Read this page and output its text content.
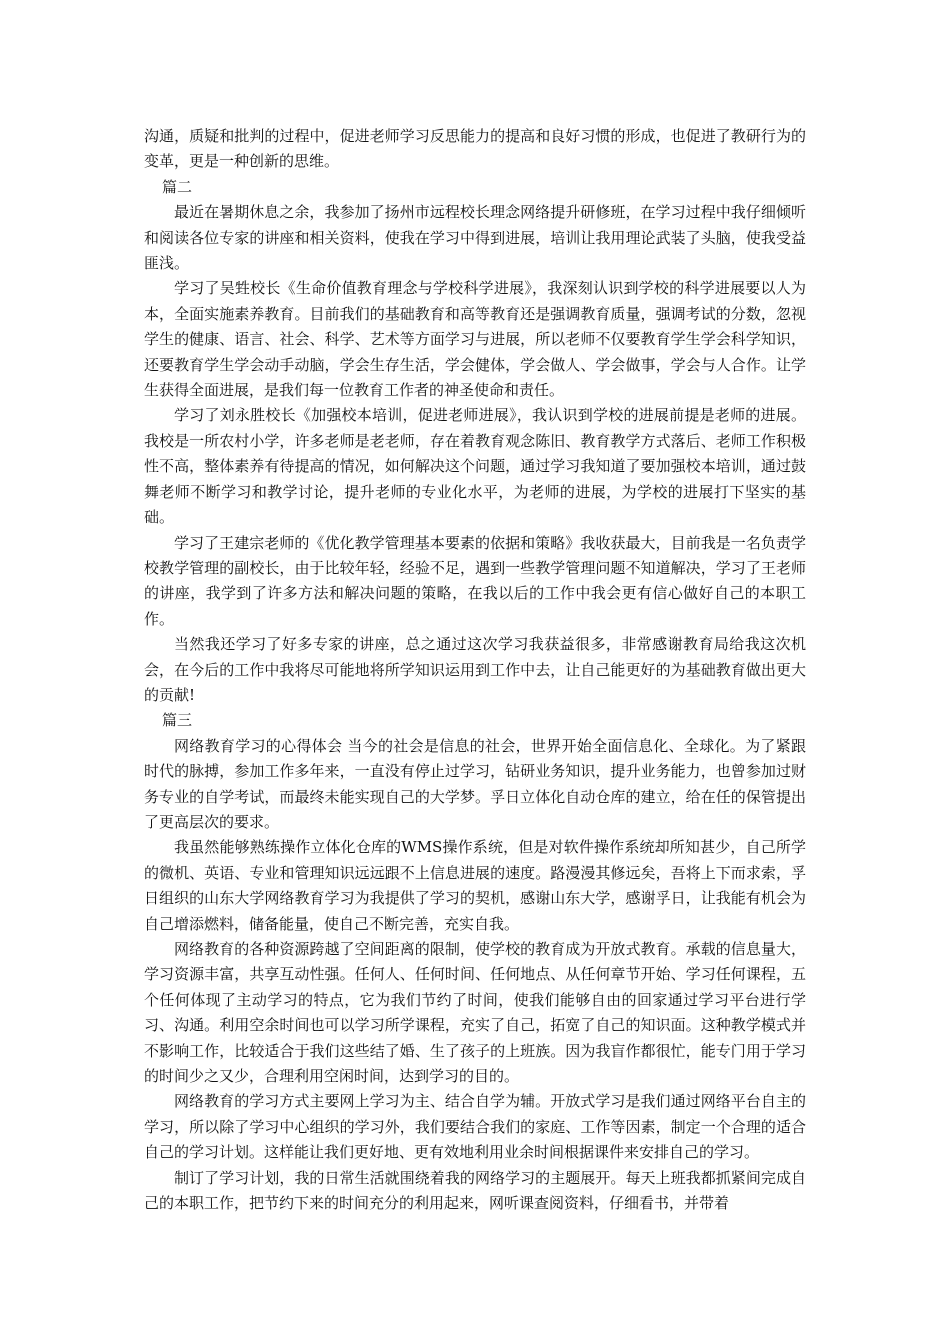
沟通，质疑和批判的过程中，促进老师学习反思能力的提高和良好习惯的形成，也促进了教研行为的变革，更是一种创新的思维。

篇二

最近在暑期休息之余，我参加了扬州市远程校长理念网络提升研修班，在学习过程中我仔细倾听和阅读各位专家的讲座和相关资料，使我在学习中得到进展，培训让我用理论武装了头脑，使我受益匪浅。

学习了吴甡校长《生命价值教育理念与学校科学进展》，我深刻认识到学校的科学进展要以人为本，全面实施素养教育。目前我们的基础教育和高等教育还是强调教育质量，强调考试的分数，忽视学生的健康、语言、社会、科学、艺术等方面学习与进展，所以老师不仅要教育学生学会科学知识，还要教育学生学会动手动脑，学会生存生活，学会健体，学会做人、学会做事，学会与人合作。让学生获得全面进展，是我们每一位教育工作者的神圣使命和责任。

学习了刘永胜校长《加强校本培训，促进老师进展》，我认识到学校的进展前提是老师的进展。我校是一所农村小学，许多老师是老老师，存在着教育观念陈旧、教育教学方式落后、老师工作积极性不高，整体素养有待提高的情况，如何解决这个问题，通过学习我知道了要加强校本培训，通过鼓舞老师不断学习和教学讨论，提升老师的专业化水平，为老师的进展，为学校的进展打下坚实的基础。

学习了王建宗老师的《优化教学管理基本要素的依据和策略》我收获最大，目前我是一名负责学校教学管理的副校长，由于比较年轻，经验不足，遇到一些教学管理问题不知道解决，学习了王老师的讲座，我学到了许多方法和解决问题的策略，在我以后的工作中我会更有信心做好自己的本职工作。

当然我还学习了好多专家的讲座，总之通过这次学习我获益很多，非常感谢教育局给我这次机会，在今后的工作中我将尽可能地将所学知识运用到工作中去，让自己能更好的为基础教育做出更大的贡献!

篇三

网络教育学习的心得体会 当今的社会是信息的社会，世界开始全面信息化、全球化。为了紧跟时代的脉搏，参加工作多年来，一直没有停止过学习，钻研业务知识，提升业务能力，也曾参加过财务专业的自学考试，而最终未能实现自己的大学梦。孚日立体化自动仓库的建立，给在任的保管提出了更高层次的要求。

我虽然能够熟练操作立体化仓库的WMS操作系统，但是对软件操作系统却所知甚少，自己所学的微机、英语、专业和管理知识远远跟不上信息进展的速度。路漫漫其修远矣，吾将上下而求索，孚日组织的山东大学网络教育学习为我提供了学习的契机，感谢山东大学，感谢孚日，让我能有机会为自己增添燃料，储备能量，使自己不断完善，充实自我。

网络教育的各种资源跨越了空间距离的限制，使学校的教育成为开放式教育。承载的信息量大，学习资源丰富，共享互动性强。任何人、任何时间、任何地点、从任何章节开始、学习任何课程，五个任何体现了主动学习的特点，它为我们节约了时间，使我们能够自由的回家通过学习平台进行学习、沟通。利用空余时间也可以学习所学课程，充实了自己，拓宽了自己的知识面。这种教学模式并不影响工作，比较适合于我们这些结了婚、生了孩子的上班族。因为我盲作都很忙，能专门用于学习的时间少之又少，合理利用空闲时间，达到学习的目的。

网络教育的学习方式主要网上学习为主、结合自学为辅。开放式学习是我们通过网络平台自主的学习，所以除了学习中心组织的学习外，我们要结合我们的家庭、工作等因素，制定一个合理的适合自己的学习计划。这样能让我们更好地、更有效地利用业余时间根据课件来安排自己的学习。

制订了学习计划，我的日常生活就围绕着我的网络学习的主题展开。每天上班我都抓紧间完成自己的本职工作，把节约下来的时间充分的利用起来，网听课查阅资料，仔细看书，并带着
